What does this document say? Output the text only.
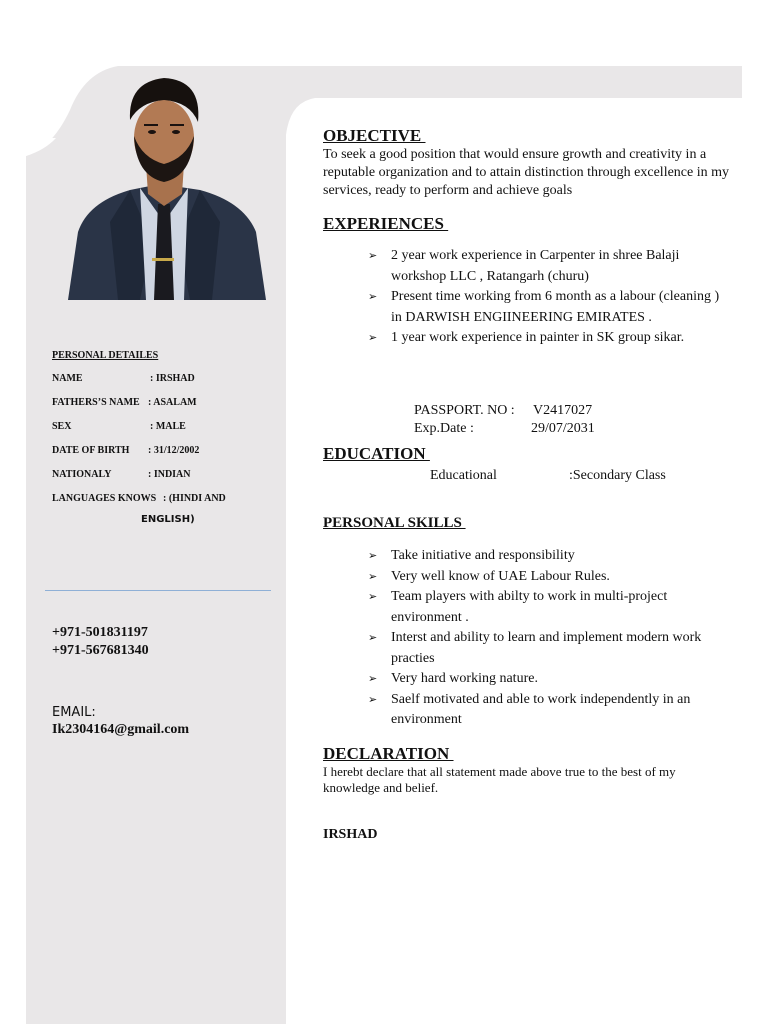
PERSONAL DETAILES
NAME	: IRSHAD
FATHERS’S NAME : ASALAM
SEX	: MALE
DATE OF BIRTH : 31/12/2002
NATIONALY	: INDIAN
LANGUAGES KNOWS : (HINDI AND
ENGLISH)
+971-501831197
+971-567681340
EMAIL:
Ik2304164@gmail.com
OBJECTIVE
To seek a good position that would ensure growth and creativity in a reputable organization and to attain distinction through excellence in my services, ready to perform and achieve goals
EXPERIENCES
➢ 2 year work experience in Carpenter in shree Balaji workshop LLC , Ratangarh (churu)
➢ Present time working from 6 month as a labour (cleaning ) in DARWISH ENGIINEERING EMIRATES .
➢ 1 year work experience in painter in SK group sikar.
PASSPORT. NO : V2417027
Exp.Date :	29/07/2031
EDUCATION
Educational	:Secondary Class
PERSONAL SKILLS
➢ Take initiative and responsibility
➢ Very well know of UAE Labour Rules.
➢ Team players with abilty to work in multi-project environment .
➢ Interst and ability to learn and implement modern work practies
➢ Very hard working nature.
➢ Saelf motivated and able to work independently in an environment
DECLARATION
I herebt declare that all statement made above true to the best of my knowledge and belief.
IRSHAD
